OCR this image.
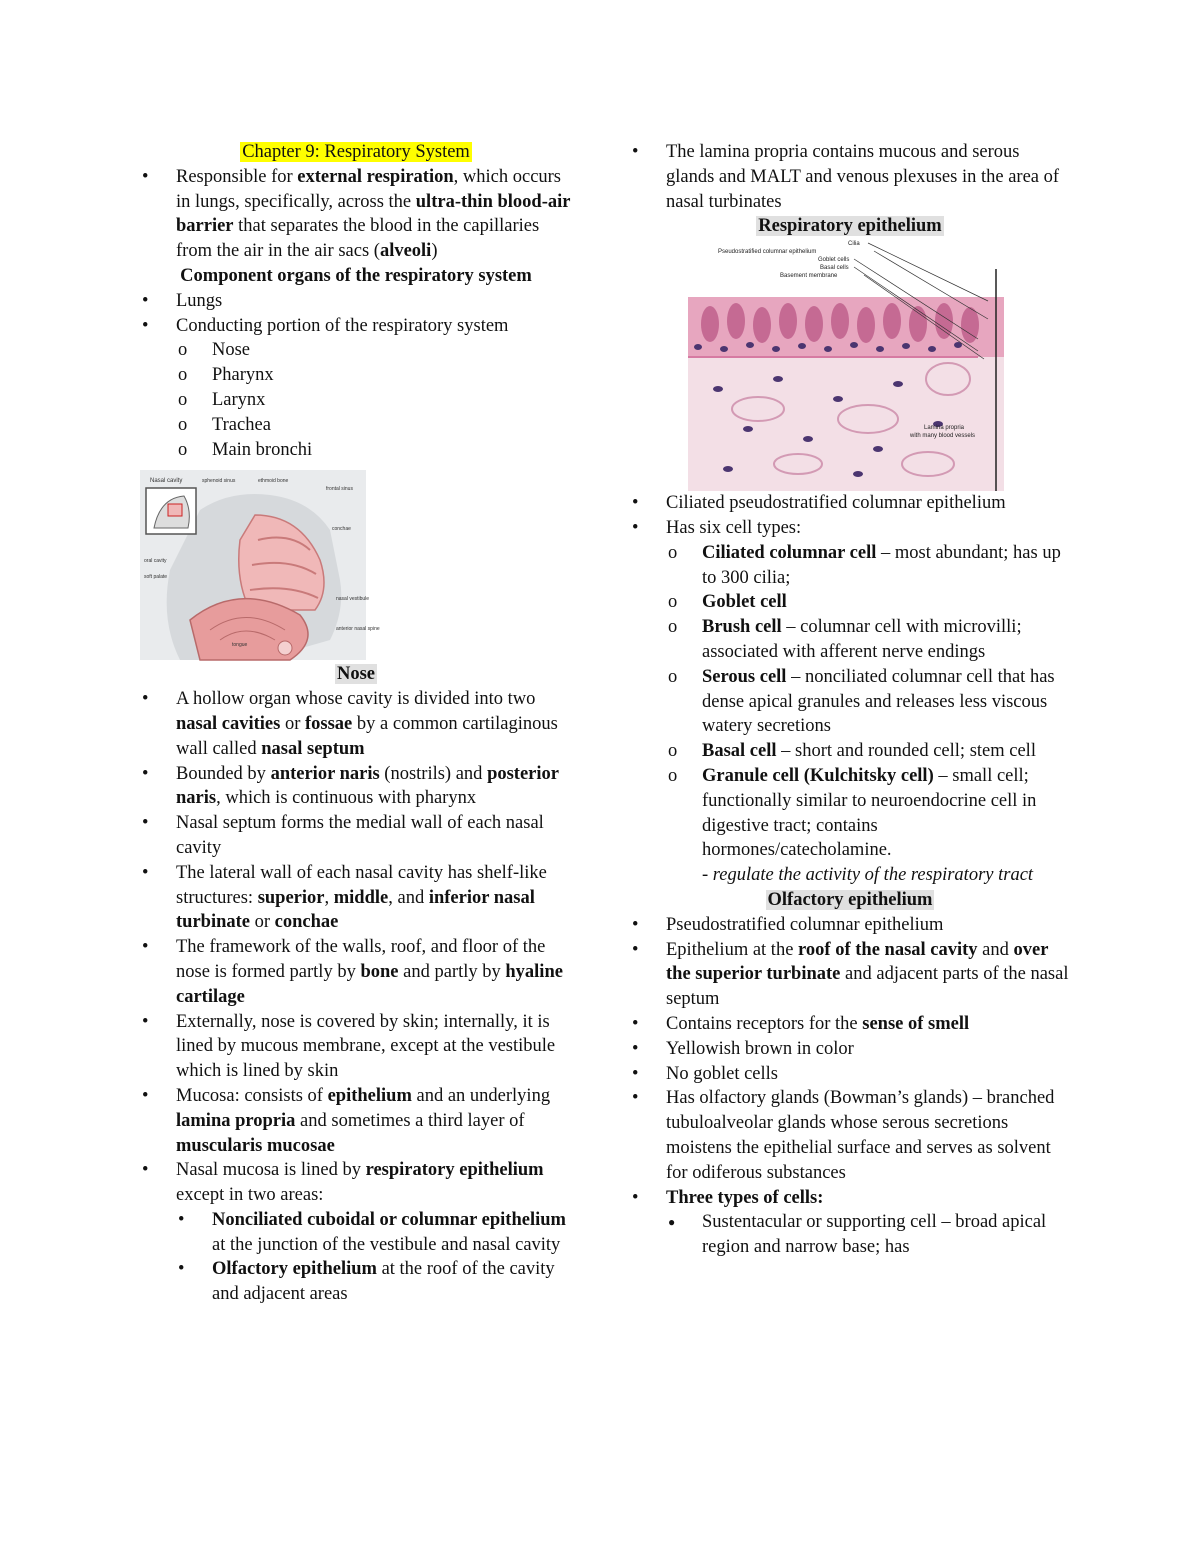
Chapter 9: Respiratory System
• Responsible for external respiration, which occurs in lungs, specifically, across the ultra-thin blood-air barrier that separates the blood in the capillaries from the air in the air sacs (alveoli)
Component organs of the respiratory system
• Lungs
• Conducting portion of the respiratory system
o Nose
o Pharynx
o Larynx
o Trachea
o Main bronchi
Nasal cavity	sphenoid sinus	ethmoid bone
frontal sinus
conchae
oral cavity
soft palate
nasal vestibule
anterior nasal spine
tongue
Nose
• A hollow organ whose cavity is divided into two nasal cavities or fossae by a common cartilaginous wall called nasal septum
• Bounded by anterior naris (nostrils) and posterior naris, which is continuous with pharynx
• Nasal septum forms the medial wall of each nasal cavity
• The lateral wall of each nasal cavity has shelf-like structures: superior, middle, and inferior nasal turbinate or conchae
• The framework of the walls, roof, and floor of the nose is formed partly by bone and partly by hyaline cartilage
• Externally, nose is covered by skin; internally, it is lined by mucous membrane, except at the vestibule which is lined by skin
• Mucosa: consists of epithelium and an underlying lamina propria and sometimes a third layer of muscularis mucosae
• Nasal mucosa is lined by respiratory epithelium except in two areas:
• Nonciliated cuboidal or columnar epithelium at the junction of the vestibule and nasal cavity
• Olfactory epithelium at the roof of the cavity and adjacent areas
• The lamina propria contains mucous and serous glands and MALT and venous plexuses in the area of nasal turbinates
Respiratory epithelium
Cilia
Pseudostratified columnar epithelium
Goblet cells
Basal cells
Basement membrane
Lamina propria
with many blood vessels
• Ciliated pseudostratified columnar epithelium
• Has six cell types:
o Ciliated columnar cell – most abundant; has up to 300 cilia;
o Goblet cell
o Brush cell – columnar cell with microvilli; associated with afferent nerve endings
o Serous cell – nonciliated columnar cell that has dense apical granules and releases less viscous watery secretions
o Basal cell – short and rounded cell; stem cell
o Granule cell (Kulchitsky cell) – small cell; functionally similar to neuroendocrine cell in digestive tract; contains hormones/catecholamine.
- regulate the activity of the respiratory tract
Olfactory epithelium
• Pseudostratified columnar epithelium
• Epithelium at the roof of the nasal cavity and over the superior turbinate and adjacent parts of the nasal septum
• Contains receptors for the sense of smell
• Yellowish brown in color
• No goblet cells
• Has olfactory glands (Bowman’s glands) – branched tubuloalveolar glands whose serous secretions moistens the epithelial surface and serves as solvent for odiferous substances
• Three types of cells:
● Sustentacular or supporting cell – broad apical region and narrow base; has
